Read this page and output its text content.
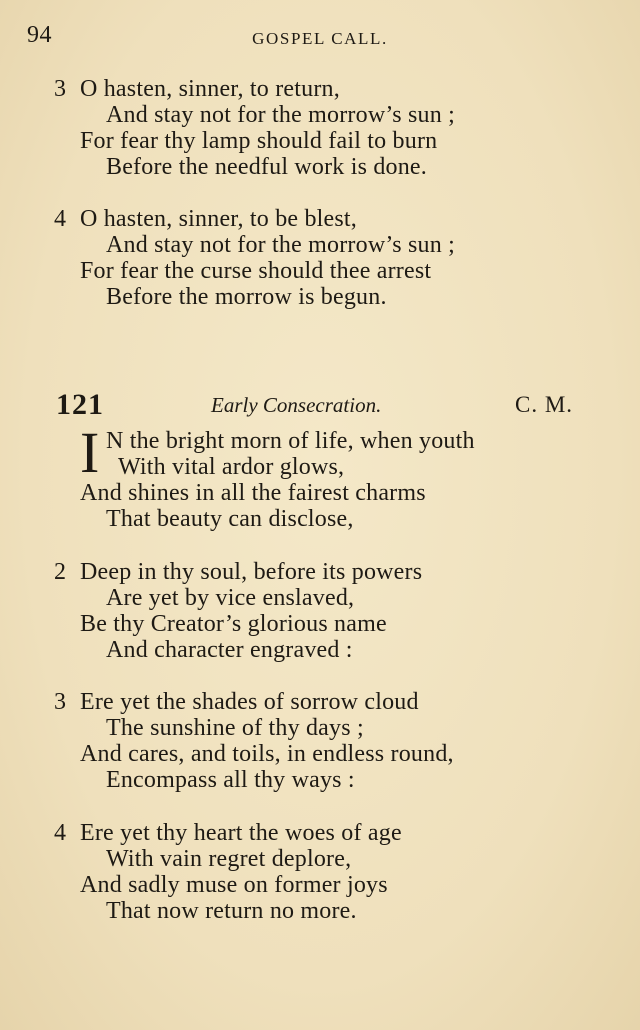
94	GOSPEL CALL.
3 O hasten, sinner, to return,
And stay not for the morrow’s sun ;
For fear thy lamp should fail to burn
Before the needful work is done.
4 O hasten, sinner, to be blest,
And stay not for the morrow’s sun ;
For fear the curse should thee arrest
Before the morrow is begun.
121	Early Consecration.	C. M.
I N the bright morn of life, when youth
With vital ardor glows,
And shines in all the fairest charms
That beauty can disclose,
2 Deep in thy soul, before its powers
Are yet by vice enslaved,
Be thy Creator’s glorious name
And character engraved :
3 Ere yet the shades of sorrow cloud
The sunshine of thy days ;
And cares, and toils, in endless round,
Encompass all thy ways :
4 Ere yet thy heart the woes of age
With vain regret deplore,
And sadly muse on former joys
That now return no more.
